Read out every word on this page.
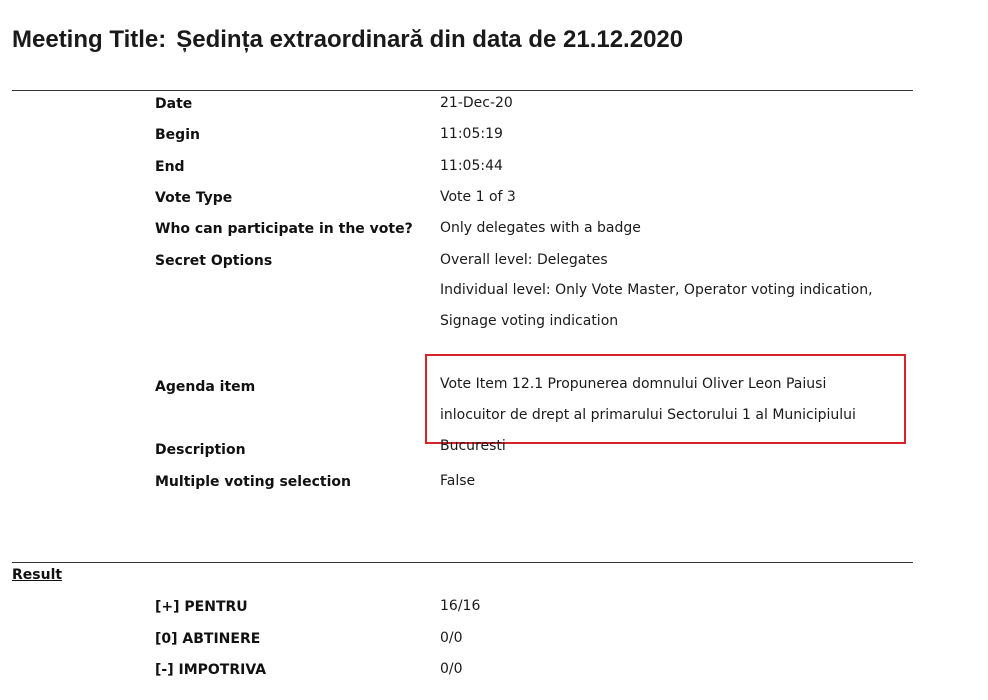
Meeting Title: Ședința extraordinară din data de 21.12.2020
Date	21-Dec-20
Begin	11:05:19
End	11:05:44
Vote Type	Vote 1 of 3
Who can participate in the vote? Only delegates with a badge
Secret Options	Overall level: Delegates
Individual level: Only Vote Master, Operator voting indication, Signage voting indication
Agenda item	Vote Item 12.1 Propunerea domnului Oliver Leon Paiusi inlocuitor de drept al primarului Sectorului 1 al Municipiului Bucuresti
Description
Multiple voting selection	False
Result
[+] PENTRU	16/16
[0] ABTINERE	0/0
[-] IMPOTRIVA	0/0
